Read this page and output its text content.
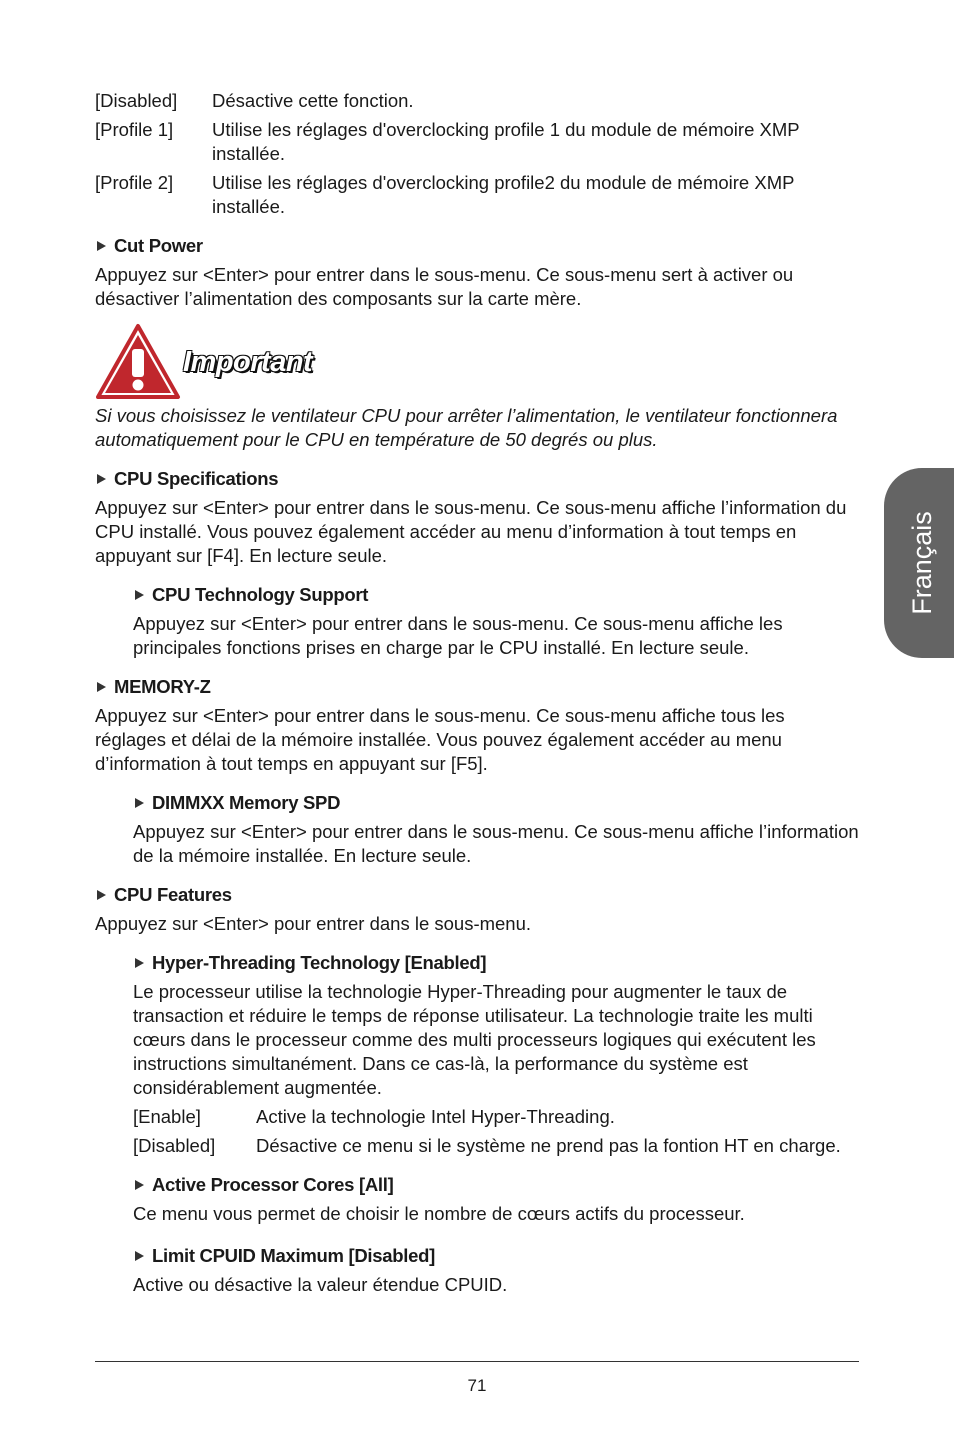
[Disabled]	Désactive cette fonction.
[Profile 1]	Utilise les réglages d'overclocking profile 1 du module de mémoire XMP installée.
[Profile 2]	Utilise les réglages d'overclocking profile2 du module de mémoire XMP installée.
Cut Power

Appuyez sur <Enter> pour entrer dans le sous-menu. Ce sous-menu sert à activer ou désactiver l’alimentation des composants sur la carte mère.

Important

Si vous choisissez le ventilateur CPU pour arrêter l’alimentation, le ventilateur fonctionnera automatiquement pour le CPU en température de 50 degrés ou plus.

CPU Specifications

Appuyez sur <Enter> pour entrer dans le sous-menu. Ce sous-menu affiche l’information du CPU installé. Vous pouvez également accéder au menu d’information à tout temps en appuyant sur [F4]. En lecture seule.

CPU Technology Support

Appuyez sur <Enter> pour entrer dans le sous-menu. Ce sous-menu affiche les principales fonctions prises en charge par le CPU installé. En lecture seule.

MEMORY-Z

Appuyez sur <Enter> pour entrer dans le sous-menu. Ce sous-menu affiche tous les réglages et délai de la mémoire installée. Vous pouvez également accéder au menu d’information à tout temps en appuyant sur [F5].

DIMMXX Memory SPD

Appuyez sur <Enter> pour entrer dans le sous-menu. Ce sous-menu affiche l’information de la mémoire installée. En lecture seule.

CPU Features

Appuyez sur <Enter> pour entrer dans le sous-menu.

Hyper-Threading Technology [Enabled]

Le processeur utilise la technologie Hyper-Threading pour augmenter le taux de transaction et réduire le temps de réponse utilisateur. La technologie traite les multi cœurs dans le processeur comme des multi processeurs logiques qui exécutent les instructions simultanément. Dans ce cas-là, la performance du système est considérablement augmentée.

[Enable]	Active la technologie Intel Hyper-Threading.
[Disabled]	Désactive ce menu si le système ne prend pas la fontion HT en charge.
Active Processor Cores [All]

Ce menu vous permet de choisir le nombre de cœurs actifs du processeur.

Limit CPUID Maximum [Disabled]

Active ou désactive la valeur étendue CPUID.

Français
71
